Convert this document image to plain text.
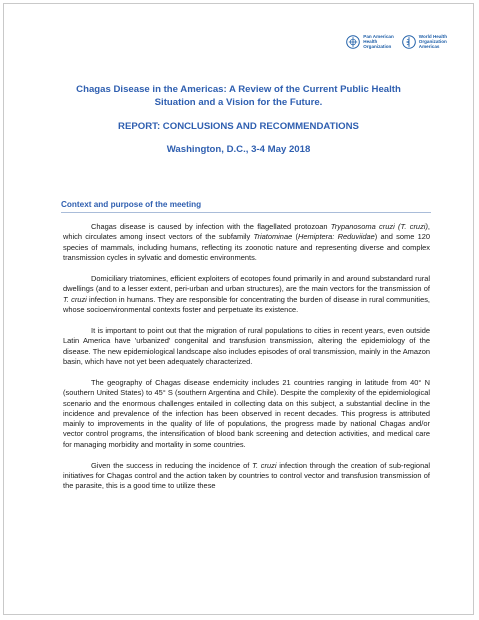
Pan American
Health
Organization
World Health
Organization
Americas
Chagas Disease in the Americas: A Review of the Current Public Health Situation and a Vision for the Future.
REPORT: CONCLUSIONS AND RECOMMENDATIONS
Washington, D.C., 3-4 May 2018
Context and purpose of the meeting

Chagas disease is caused by infection with the flagellated protozoan Trypanosoma cruzi (T. cruzi), which circulates among insect vectors of the subfamily Triatominae (Hemiptera: Reduviidae) and some 120 species of mammals, including humans, reflecting its zoonotic nature and representing diverse and complex transmission cycles in sylvatic and domestic environments.

Domiciliary triatomines, efficient exploiters of ecotopes found primarily in and around substandard rural dwellings (and to a lesser extent, peri-urban and urban structures), are the main vectors for the transmission of T. cruzi infection in humans. They are responsible for concentrating the burden of disease in rural communities, whose socioenvironmental contexts foster and perpetuate its existence.

It is important to point out that the migration of rural populations to cities in recent years, even outside Latin America have 'urbanized' congenital and transfusion transmission, altering the epidemiology of the disease. The new epidemiological landscape also includes episodes of oral transmission, mainly in the Amazon basin, which have not yet been adequately characterized.

The geography of Chagas disease endemicity includes 21 countries ranging in latitude from 40° N (southern United States) to 45° S (southern Argentina and Chile). Despite the complexity of the epidemiological scenario and the enormous challenges entailed in collecting data on this subject, a substantial decline in the incidence and prevalence of the infection has been observed in recent decades. This progress is attributed mainly to improvements in the quality of life of populations, the progress made by national Chagas and/or vector control programs, the intensification of blood bank screening and detection activities, and medical care for managing morbidity and mortality in some countries.

Given the success in reducing the incidence of T. cruzi infection through the creation of sub-regional initiatives for Chagas control and the action taken by countries to control vector and transfusion transmission of the parasite, this is a good time to utilize these
